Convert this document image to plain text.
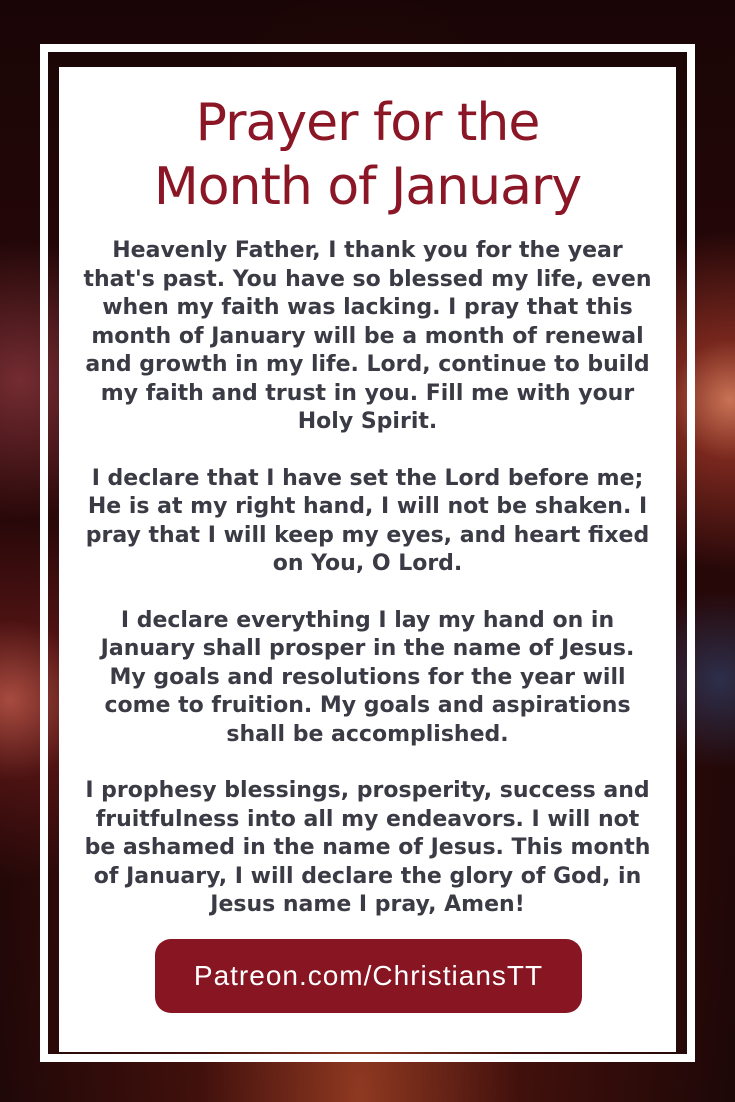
Prayer for the
Month of January

Heavenly Father, I thank you for the year that's past. You have so blessed my life, even when my faith was lacking. I pray that this month of January will be a month of renewal and growth in my life. Lord, continue to build my faith and trust in you. Fill me with your Holy Spirit.

I declare that I have set the Lord before me; He is at my right hand, I will not be shaken. I pray that I will keep my eyes, and heart fixed on You, O Lord.

I declare everything I lay my hand on in January shall prosper in the name of Jesus. My goals and resolutions for the year will come to fruition. My goals and aspirations shall be accomplished.

I prophesy blessings, prosperity, success and fruitfulness into all my endeavors. I will not be ashamed in the name of Jesus. This month of January, I will declare the glory of God, in Jesus name I pray, Amen!

Patreon.com/ChristiansTT
